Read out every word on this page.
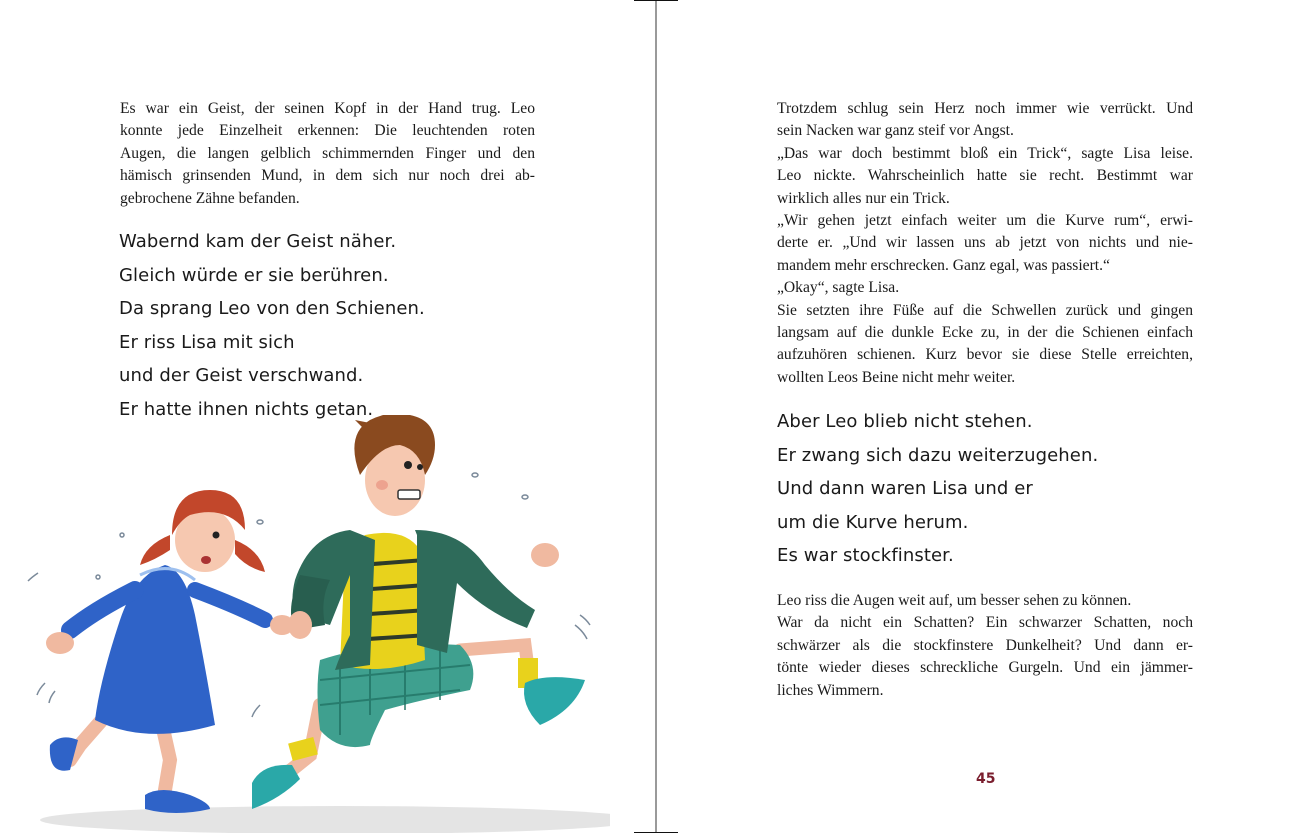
Es war ein Geist, der seinen Kopf in der Hand trug. Leo
konnte jede Einzelheit erkennen: Die leuchtenden roten
Augen, die langen gelblich schimmernden Finger und den
hämisch grinsenden Mund, in dem sich nur noch drei ab-
gebrochene Zähne befanden.
Wabernd kam der Geist näher.
Gleich würde er sie berühren.
Da sprang Leo von den Schienen.
Er riss Lisa mit sich
und der Geist verschwand.
Er hatte ihnen nichts getan.
Trotzdem schlug sein Herz noch immer wie verrückt. Und
sein Nacken war ganz steif vor Angst.
„Das war doch bestimmt bloß ein Trick“, sagte Lisa leise.
Leo nickte. Wahrscheinlich hatte sie recht. Bestimmt war
wirklich alles nur ein Trick.
„Wir gehen jetzt einfach weiter um die Kurve rum“, erwi-
derte er. „Und wir lassen uns ab jetzt von nichts und nie-
mandem mehr erschrecken. Ganz egal, was passiert.“
„Okay“, sagte Lisa.
Sie setzten ihre Füße auf die Schwellen zurück und gingen
langsam auf die dunkle Ecke zu, in der die Schienen einfach
aufzuhören schienen. Kurz bevor sie diese Stelle erreichten,
wollten Leos Beine nicht mehr weiter.
Aber Leo blieb nicht stehen.
Er zwang sich dazu weiterzugehen.
Und dann waren Lisa und er
um die Kurve herum.
Es war stockfinster.
Leo riss die Augen weit auf, um besser sehen zu können.
War da nicht ein Schatten? Ein schwarzer Schatten, noch
schwärzer als die stockfinstere Dunkelheit? Und dann er-
tönte wieder dieses schreckliche Gurgeln. Und ein jämmer-
liches Wimmern.
45
